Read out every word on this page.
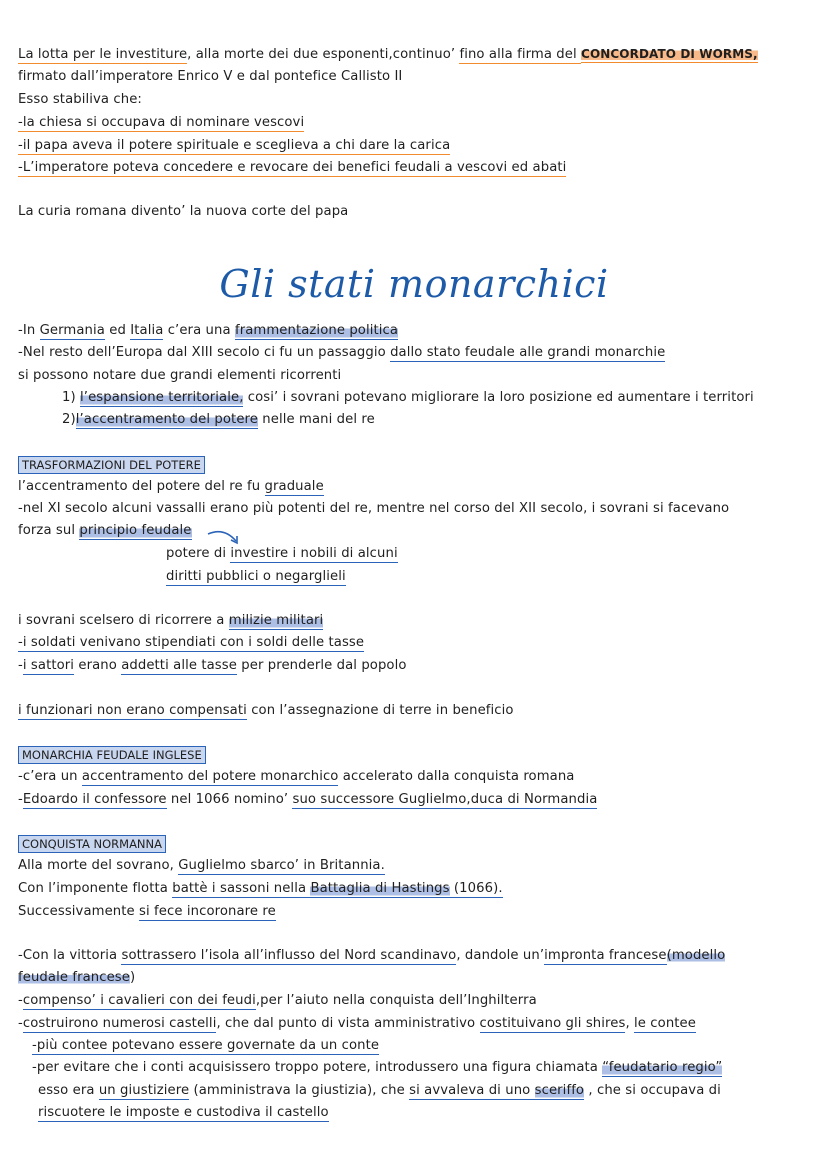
La lotta per le investiture, alla morte dei due esponenti,continuo’ fino alla firma del CONCORDATO DI WORMS,
firmato dall’imperatore Enrico V e dal pontefice Callisto II
Esso stabiliva che:
-la chiesa si occupava di nominare vescovi
-il papa aveva il potere spirituale e sceglieva a chi dare la carica
-L’imperatore poteva concedere e revocare dei benefici feudali a vescovi ed abati
La curia romana divento’ la nuova corte del papa
Gli stati monarchici
-In Germania ed Italia c’era una frammentazione politica
-Nel resto dell’Europa dal XIII secolo ci fu un passaggio dallo stato feudale alle grandi monarchie
si possono notare due grandi elementi ricorrenti
1) l’espansione territoriale, cosi’ i sovrani potevano migliorare la loro posizione ed aumentare i territori
2)l’accentramento del potere nelle mani del re
TRASFORMAZIONI DEL POTERE
l’accentramento del potere del re fu graduale
-nel XI secolo alcuni vassalli erano più potenti del re, mentre nel corso del XII secolo, i sovrani si facevano
forza sul principio feudale
potere di investire i nobili di alcuni
diritti pubblici o negarglieli
i sovrani scelsero di ricorrere a milizie militari
-i soldati venivano stipendiati con i soldi delle tasse
-i sattori erano addetti alle tasse per prenderle dal popolo
i funzionari non erano compensati con l’assegnazione di terre in beneficio
MONARCHIA FEUDALE INGLESE
-c’era un accentramento del potere monarchico accelerato dalla conquista romana
-Edoardo il confessore nel 1066 nomino’ suo successore Guglielmo,duca di Normandia
CONQUISTA NORMANNA
Alla morte del sovrano, Guglielmo sbarco’ in Britannia.
Con l’imponente flotta battè i sassoni nella Battaglia di Hastings (1066).
Successivamente si fece incoronare re
-Con la vittoria sottrassero l’isola all’influsso del Nord scandinavo, dandole un’impronta francese(modello
feudale francese)
-compenso’ i cavalieri con dei feudi,per l’aiuto nella conquista dell’Inghilterra
-costruirono numerosi castelli, che dal punto di vista amministrativo costituivano gli shires, le contee
-più contee potevano essere governate da un conte
-per evitare che i conti acquisissero troppo potere, introdussero una figura chiamata “feudatario regio”
esso era un giustiziere (amministrava la giustizia), che si avvaleva di uno sceriffo , che si occupava di
riscuotere le imposte e custodiva il castello
